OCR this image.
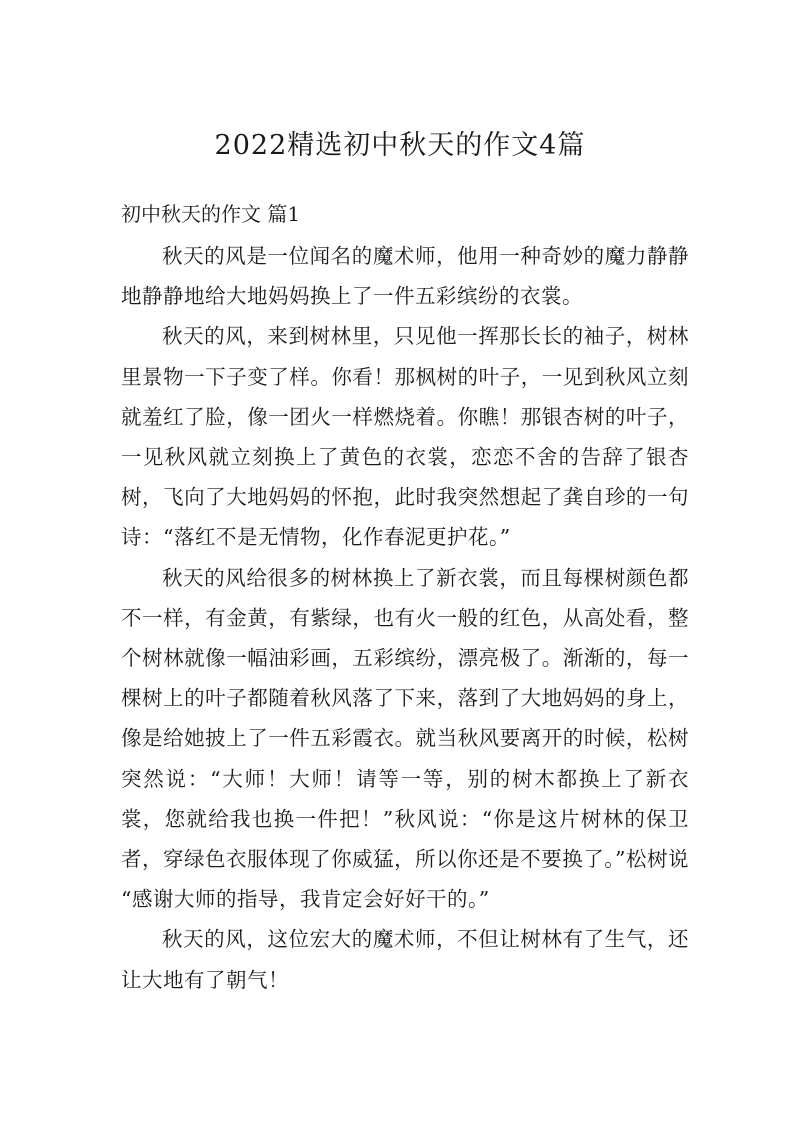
2022精选初中秋天的作文4篇
初中秋天的作文 篇1

秋天的风是一位闻名的魔术师，他用一种奇妙的魔力静静地静静地给大地妈妈换上了一件五彩缤纷的衣裳。

秋天的风，来到树林里，只见他一挥那长长的袖子，树林里景物一下子变了样。你看！那枫树的叶子，一见到秋风立刻就羞红了脸，像一团火一样燃烧着。你瞧！那银杏树的叶子，一见秋风就立刻换上了黄色的衣裳，恋恋不舍的告辞了银杏树，飞向了大地妈妈的怀抱，此时我突然想起了龚自珍的一句诗：“落红不是无情物，化作春泥更护花。”

秋天的风给很多的树林换上了新衣裳，而且每棵树颜色都不一样，有金黄，有紫绿，也有火一般的红色，从高处看，整个树林就像一幅油彩画，五彩缤纷，漂亮极了。渐渐的，每一棵树上的叶子都随着秋风落了下来，落到了大地妈妈的身上，像是给她披上了一件五彩霞衣。就当秋风要离开的时候，松树突然说：“大师！大师！请等一等，别的树木都换上了新衣裳，您就给我也换一件把！”秋风说：“你是这片树林的保卫者，穿绿色衣服体现了你威猛，所以你还是不要换了。”松树说 “感谢大师的指导，我肯定会好好干的。”

秋天的风，这位宏大的魔术师，不但让树林有了生气，还让大地有了朝气！
